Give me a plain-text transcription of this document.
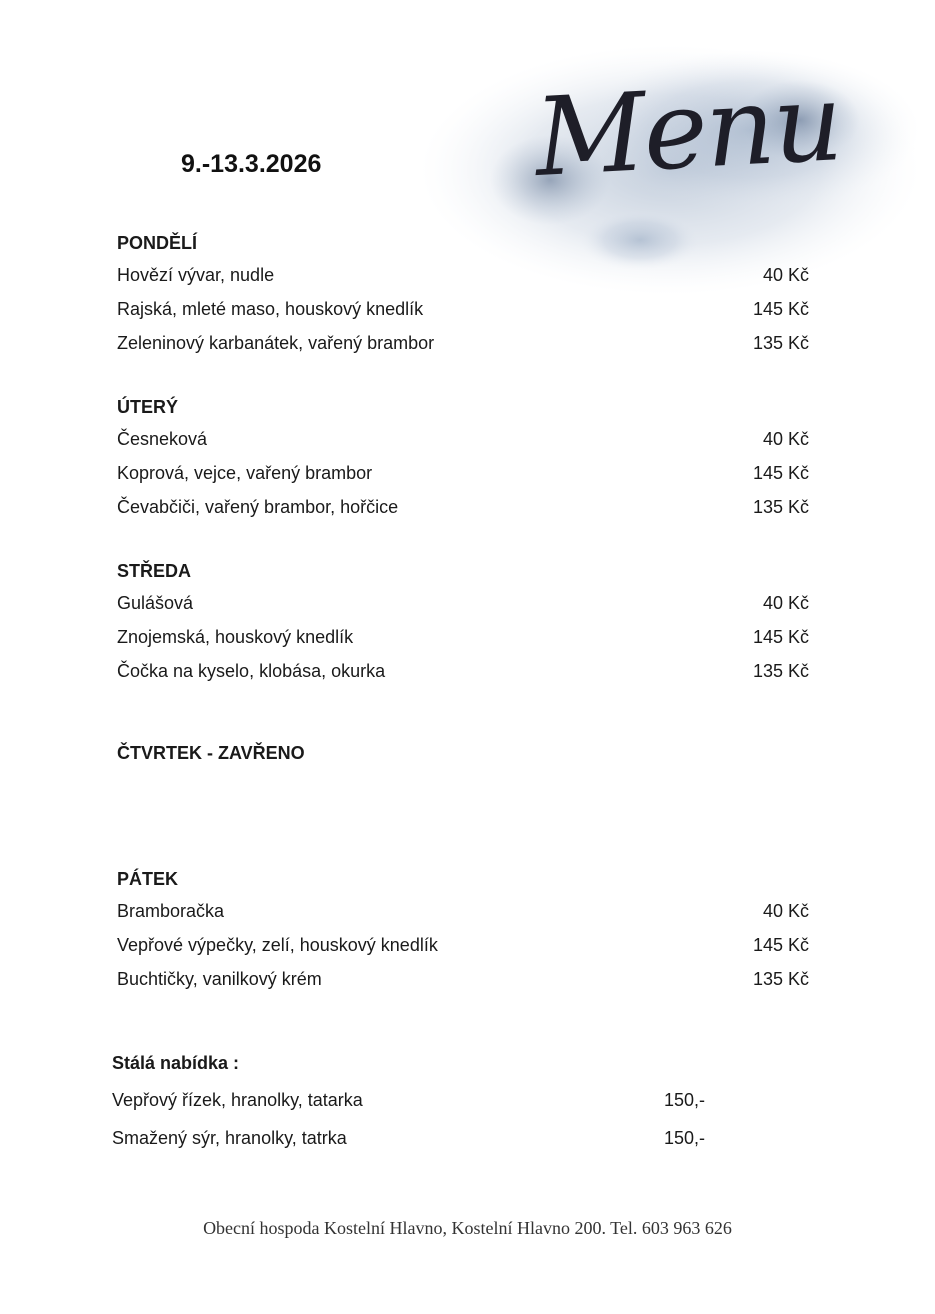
Menu
9.-13.3.2026
PONDĚLÍ
Hovězí vývar, nudle	40 Kč
Rajská, mleté maso, houskový knedlík	145 Kč
Zeleninový karbanátek, vařený brambor	135 Kč
ÚTERÝ
Česneková	40 Kč
Koprová, vejce, vařený brambor	145 Kč
Čevabčiči, vařený brambor, hořčice	135 Kč
STŘEDA
Gulášová	40 Kč
Znojemská, houskový knedlík	145 Kč
Čočka na kyselo, klobása, okurka	135 Kč
ČTVRTEK - ZAVŘENO
PÁTEK
Bramboračka	40 Kč
Vepřové výpečky, zelí, houskový knedlík	145 Kč
Buchtičky, vanilkový krém	135 Kč
Stálá nabídka :
Vepřový řízek, hranolky, tatarka	150,-
Smažený sýr, hranolky, tatrka	150,-
Obecní hospoda Kostelní Hlavno, Kostelní Hlavno 200. Tel. 603 963 626
